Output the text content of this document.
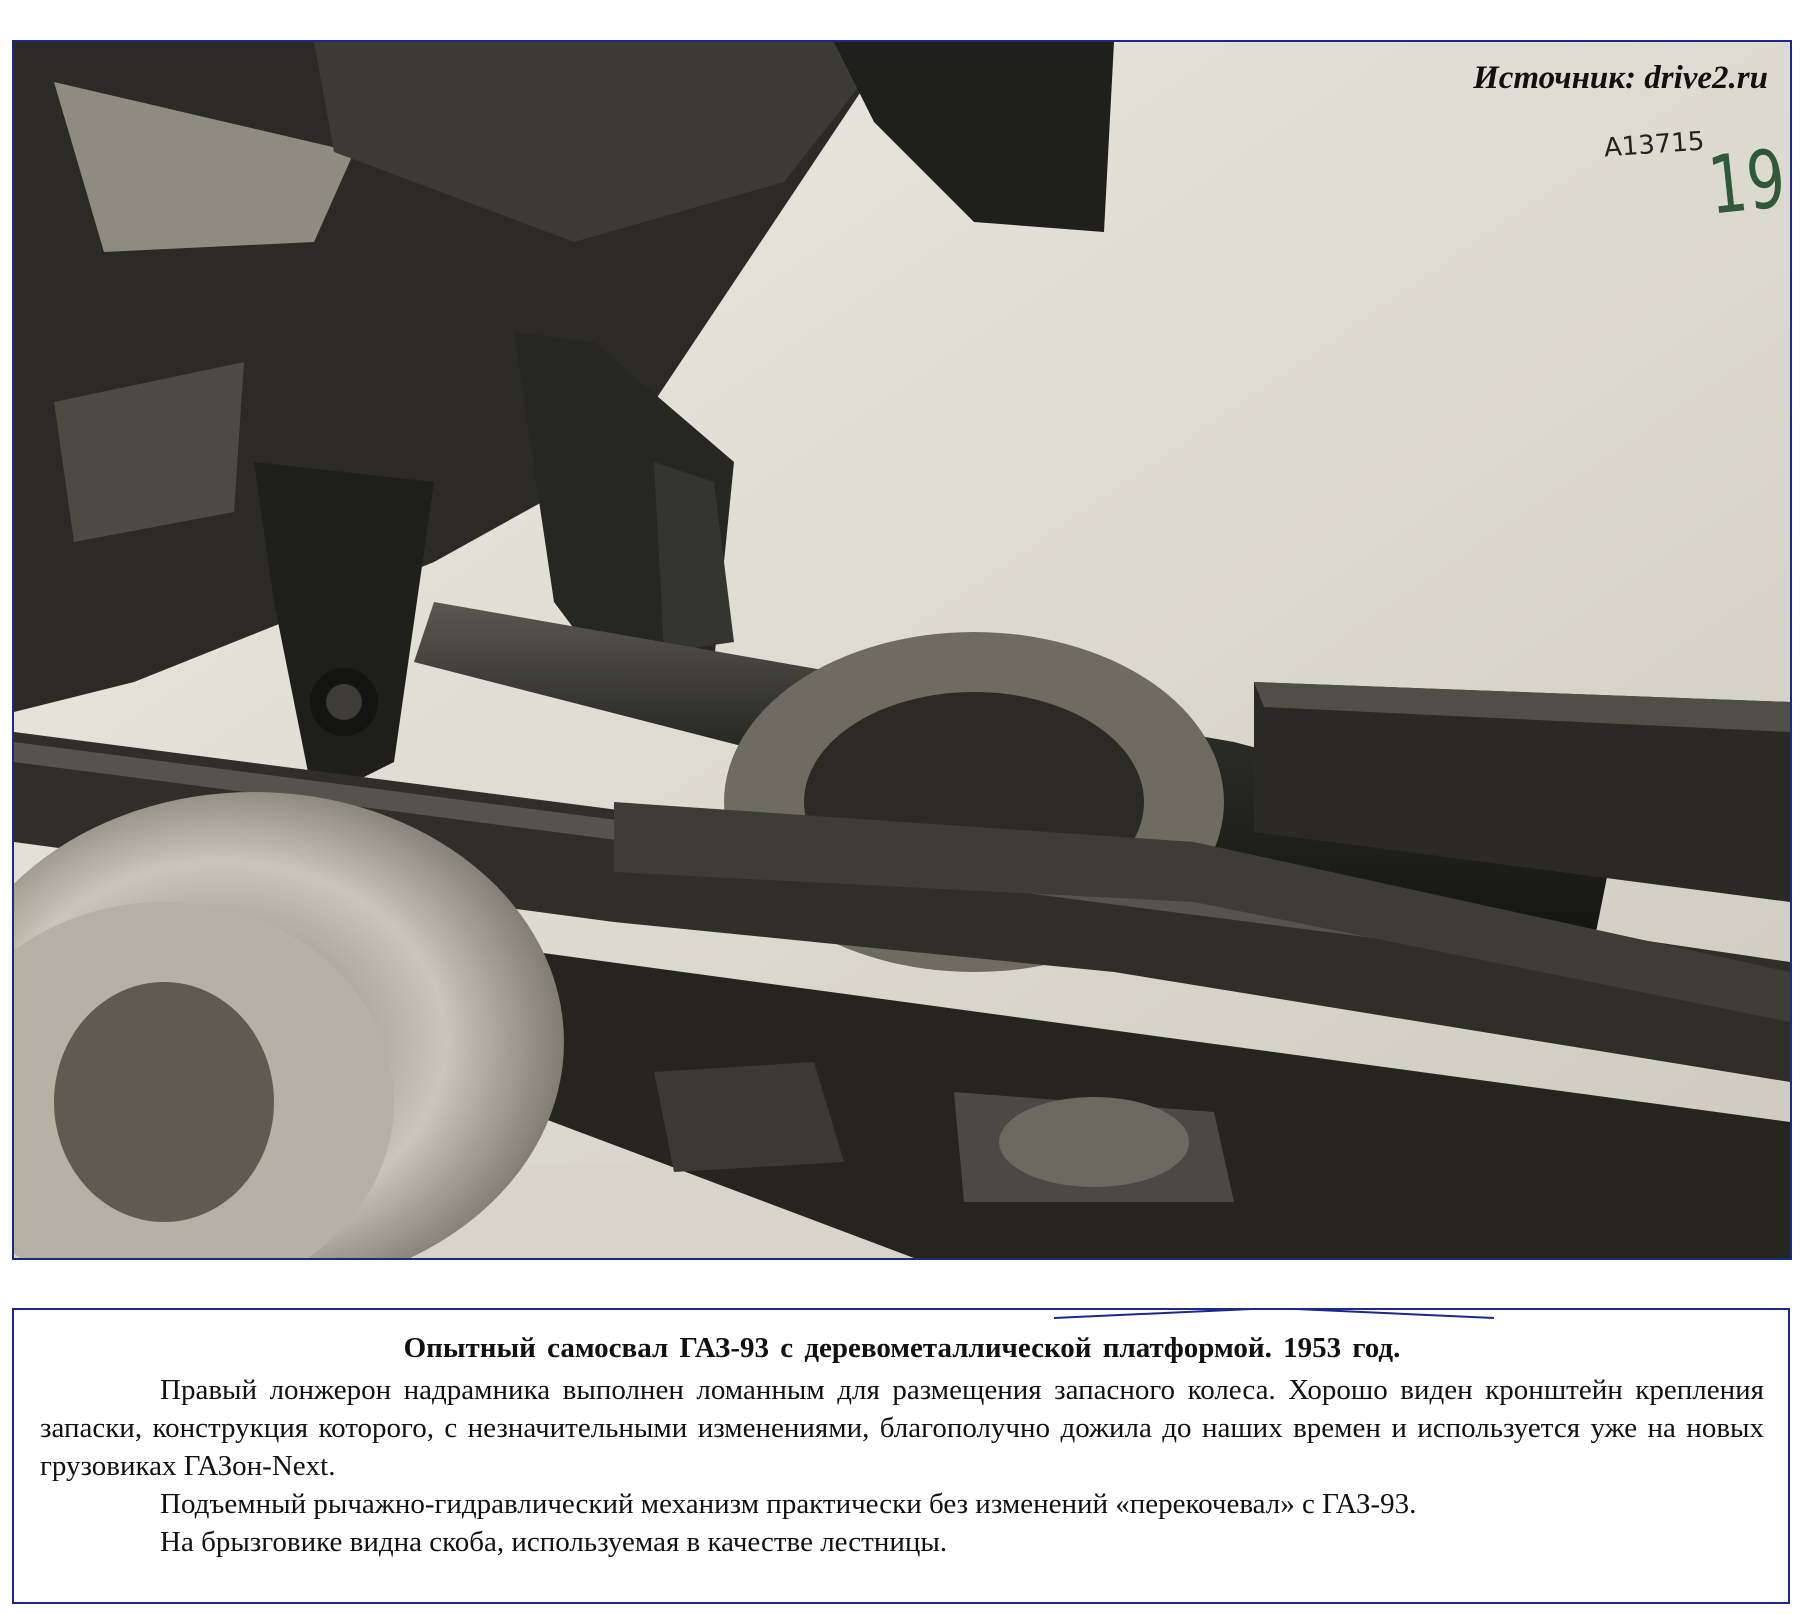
Источник: drive2.ru
A13715
19

Опытный самосвал ГАЗ-93 с деревометаллической платформой. 1953 год.

Правый лонжерон надрамника выполнен ломанным для размещения запасного колеса. Хорошо виден кронштейн крепления запаски, конструкция которого, с незначительными изменениями, благополучно дожила до наших времен и используется уже на новых грузовиках ГАЗон-Next.

Подъемный рычажно-гидравлический механизм практически без изменений «перекочевал» с ГАЗ-93.

На брызговике видна скоба, используемая в качестве лестницы.
